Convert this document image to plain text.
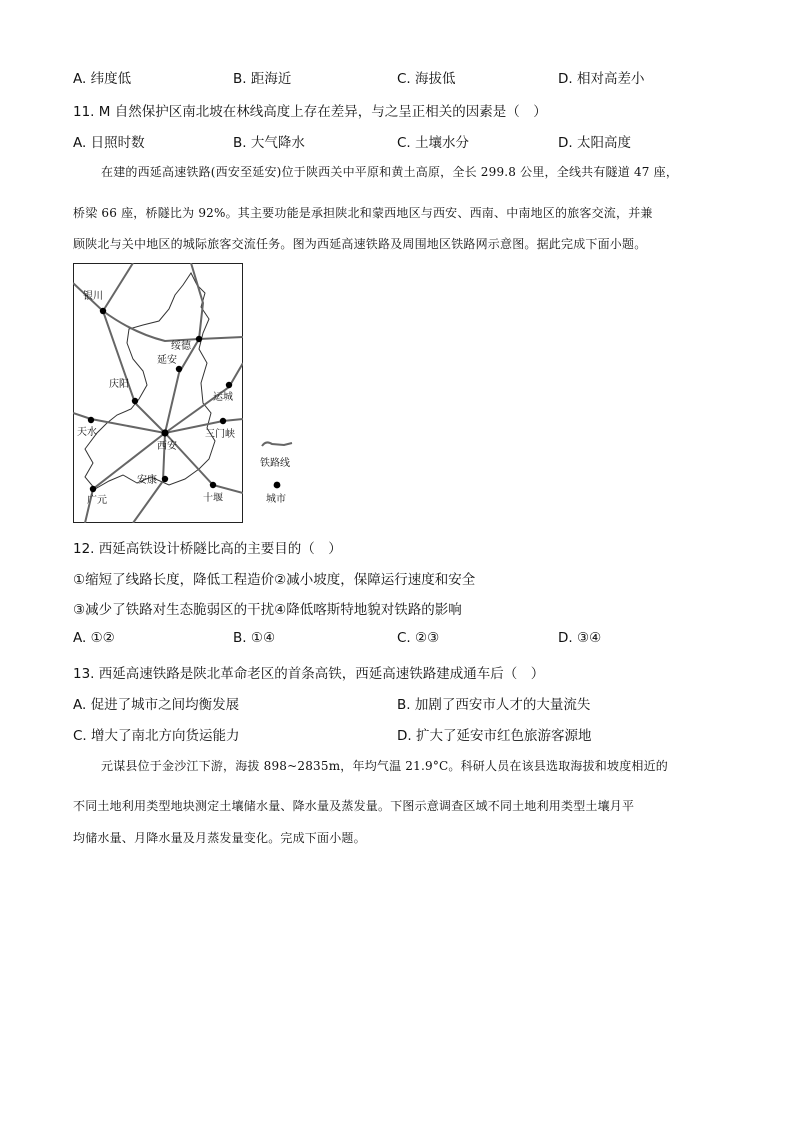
A. 纬度低	B. 距海近	C. 海拔低	D. 相对高差小
11. M 自然保护区南北坡在林线高度上存在差异，与之呈正相关的因素是（　）
A. 日照时数	B. 大气降水	C. 土壤水分	D. 太阳高度
在建的西延高速铁路(西安至延安)位于陕西关中平原和黄土高原，全长 299.8 公里，全线共有隧道 47 座，
桥梁 66 座，桥隧比为 92%。其主要功能是承担陕北和蒙西地区与西安、西南、中南地区的旅客交流，并兼
顾陕北与关中地区的城际旅客交流任务。图为西延高速铁路及周围地区铁路网示意图。据此完成下面小题。
银川
绥德
延安
庆阳
运城
天水	三门峡
西安
安康
广元	十堰
铁路线
城市
12. 西延高铁设计桥隧比高的主要目的（　）
①缩短了线路长度，降低工程造价②减小坡度，保障运行速度和安全
③减少了铁路对生态脆弱区的干扰④降低喀斯特地貌对铁路的影响
A. ①②	B. ①④	C. ②③	D. ③④
13. 西延高速铁路是陕北革命老区的首条高铁，西延高速铁路建成通车后（　）
A. 促进了城市之间均衡发展	B. 加剧了西安市人才的大量流失
C. 增大了南北方向货运能力	D. 扩大了延安市红色旅游客源地
元谋县位于金沙江下游，海拔 898~2835m，年均气温 21.9°C。科研人员在该县选取海拔和坡度相近的
不同土地利用类型地块测定土壤储水量、降水量及蒸发量。下图示意调查区域不同土地利用类型土壤月平
均储水量、月降水量及月蒸发量变化。完成下面小题。
